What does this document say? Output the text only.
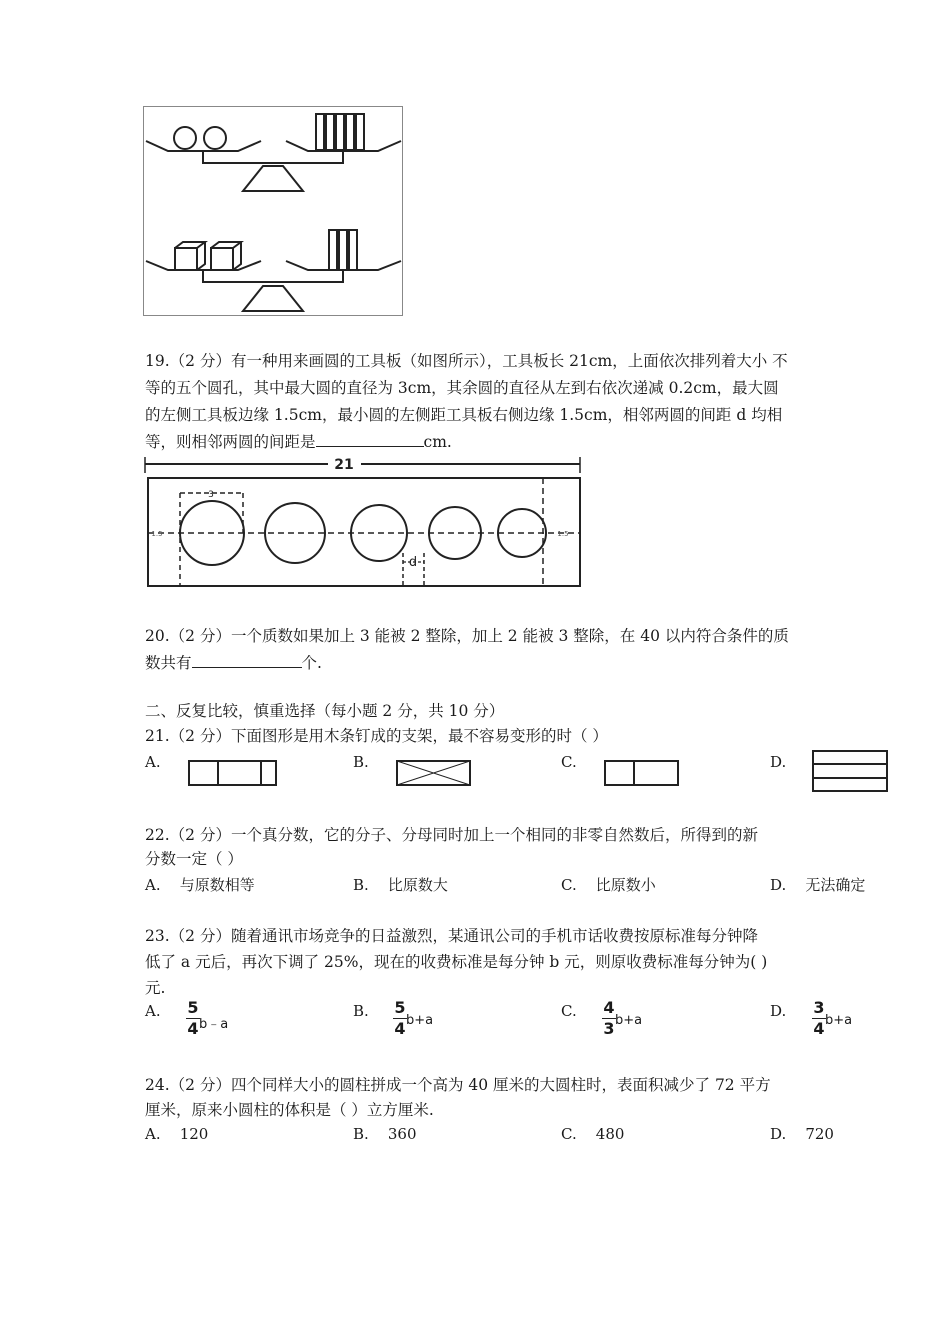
19.（2 分）有一种用来画圆的工具板（如图所示），工具板长 21cm，上面依次排列着大小 不
等的五个圆孔，其中最大圆的直径为 3cm，其余圆的直径从左到右依次递减 0.2cm，最大圆
的左侧工具板边缘 1.5cm，最小圆的左侧距工具板右侧边缘 1.5cm，相邻两圆的间距 d 均相
等，则相邻两圆的间距是	cm.
21
3
1.5	1.5
d
20.（2 分）一个质数如果加上 3 能被 2 整除，加上 2 能被 3 整除，在 40 以内符合条件的质
数共有	个.
二、反复比较，慎重选择（每小题 2 分，共 10 分）
21.（2 分）下面图形是用木条钉成的支架，最不容易变形的时（ ）
A.	B.	C.	D.
22.（2 分）一个真分数，它的分子、分母同时加上一个相同的非零自然数后，所得到的新
分数一定（ ）
A. 与原数相等	B. 比原数大	C. 比原数小	D. 无法确定
23.（2 分）随着通讯市场竞争的日益激烈，某通讯公司的手机市话收费按原标准每分钟降
低了 a 元后，再次下调了 25%，现在的收费标准是每分钟 b 元，则原收费标准每分钟为( )
元.
A. 5
4 b﹣a
B. 5
4 b+a
C. 4
3 b+a
D. 3
4 b+a
24.（2 分）四个同样大小的圆柱拼成一个高为 40 厘米的大圆柱时，表面积减少了 72 平方
厘米，原来小圆柱的体积是（ ）立方厘米.
A. 120	B. 360	C. 480	D. 720
